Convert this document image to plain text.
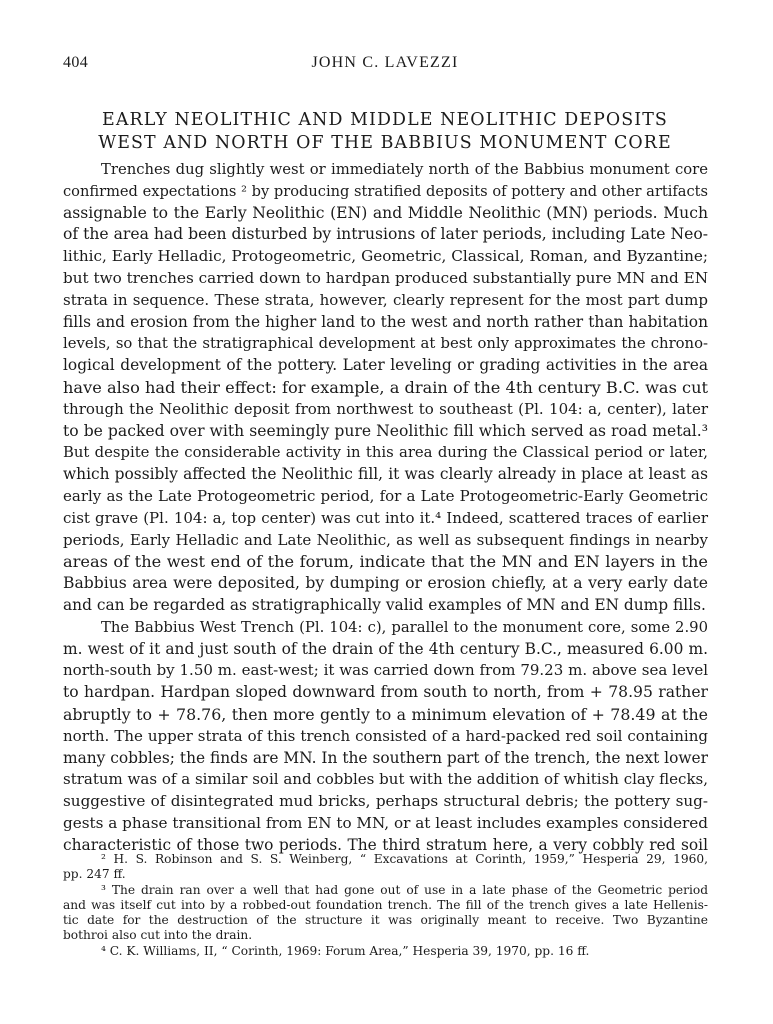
404	JOHN C. LAVEZZI
EARLY NEOLITHIC AND MIDDLE NEOLITHIC DEPOSITS
WEST AND NORTH OF THE BABBIUS MONUMENT CORE
Trenches dug slightly west or immediately north of the Babbius monument core
confirmed expectations ² by producing stratified deposits of pottery and other artifacts
assignable to the Early Neolithic (EN) and Middle Neolithic (MN) periods. Much
of the area had been disturbed by intrusions of later periods, including Late Neo-
lithic, Early Helladic, Protogeometric, Geometric, Classical, Roman, and Byzantine;
but two trenches carried down to hardpan produced substantially pure MN and EN
strata in sequence. These strata, however, clearly represent for the most part dump
fills and erosion from the higher land to the west and north rather than habitation
levels, so that the stratigraphical development at best only approximates the chrono-
logical development of the pottery. Later leveling or grading activities in the area
have also had their effect: for example, a drain of the 4th century B.C. was cut
through the Neolithic deposit from northwest to southeast (Pl. 104: a, center), later
to be packed over with seemingly pure Neolithic fill which served as road metal.³
But despite the considerable activity in this area during the Classical period or later,
which possibly affected the Neolithic fill, it was clearly already in place at least as
early as the Late Protogeometric period, for a Late Protogeometric-Early Geometric
cist grave (Pl. 104: a, top center) was cut into it.⁴ Indeed, scattered traces of earlier
periods, Early Helladic and Late Neolithic, as well as subsequent findings in nearby
areas of the west end of the forum, indicate that the MN and EN layers in the
Babbius area were deposited, by dumping or erosion chiefly, at a very early date
and can be regarded as stratigraphically valid examples of MN and EN dump fills.
The Babbius West Trench (Pl. 104: c), parallel to the monument core, some 2.90
m. west of it and just south of the drain of the 4th century B.C., measured 6.00 m.
north-south by 1.50 m. east-west; it was carried down from 79.23 m. above sea level
to hardpan. Hardpan sloped downward from south to north, from + 78.95 rather
abruptly to + 78.76, then more gently to a minimum elevation of + 78.49 at the
north. The upper strata of this trench consisted of a hard-packed red soil containing
many cobbles; the finds are MN. In the southern part of the trench, the next lower
stratum was of a similar soil and cobbles but with the addition of whitish clay flecks,
suggestive of disintegrated mud bricks, perhaps structural debris; the pottery sug-
gests a phase transitional from EN to MN, or at least includes examples considered
characteristic of those two periods. The third stratum here, a very cobbly red soil
² H. S. Robinson and S. S. Weinberg, “ Excavations at Corinth, 1959,” Hesperia 29, 1960,
pp. 247 ff.
³ The drain ran over a well that had gone out of use in a late phase of the Geometric period
and was itself cut into by a robbed-out foundation trench. The fill of the trench gives a late Hellenis-
tic date for the destruction of the structure it was originally meant to receive. Two Byzantine
bothroi also cut into the drain.
⁴ C. K. Williams, II, “ Corinth, 1969: Forum Area,” Hesperia 39, 1970, pp. 16 ff.
